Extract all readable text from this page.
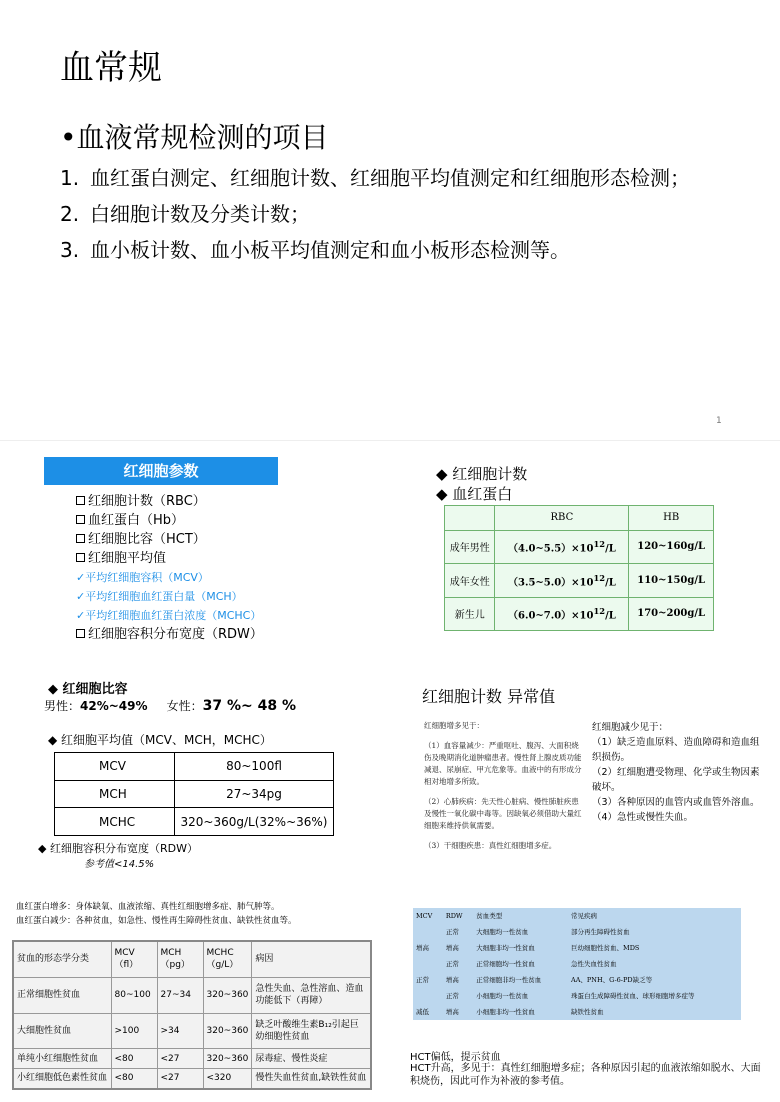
血常规
•血液常规检测的项目
1. 血红蛋白测定、红细胞计数、红细胞平均值测定和红细胞形态检测；
2. 白细胞计数及分类计数；
3. 血小板计数、血小板平均值测定和血小板形态检测等。
1
红细胞参数
红细胞计数（RBC）
血红蛋白（Hb）
红细胞比容（HCT）
红细胞平均值
✓平均红细胞容积（MCV）
✓平均红细胞血红蛋白量（MCH）
✓平均红细胞血红蛋白浓度（MCHC）
红细胞容积分布宽度（RDW）
◆ 红细胞计数
◆ 血红蛋白
	RBC	HB
成年男性	$(4.0\sim 5.5)\times 10^{12}/L$	120~160g/L
成年女性	$(3.5\sim 5.0)\times 10^{12}/L$	110~150g/L
新生儿	$(6.0\sim 7.0)\times 10^{12}/L$	170~200g/L
◆ 红细胞比容
男性：42%~49% 女性：37 %~ 48 %
◆ 红细胞平均值（MCV、MCH，MCHC）
MCV	80~100fl
MCH	27~34pg
MCHC	320~360g/L(32%~36%)
◆ 红细胞容积分布宽度（RDW）
参考值<14.5%
红细胞计数 异常值
红细胞增多见于：
（1）血容量减少：严重呕吐、腹泻、大面积烧伤及晚期消化道肿瘤患者。慢性肾上腺皮质功能减退、尿崩症、甲亢危象等。血液中的有形成分相对地增多所致。
（2）心肺疾病：先天性心脏病、慢性肺脏疾患及慢性一氧化碳中毒等。因缺氧必须借助大量红细胞来维持供氧需要。
（3）干细胞疾患：真性红细胞增多症。
红细胞减少见于：
（1）缺乏造血原料、造血障碍和造血组织损伤。
（2）红细胞遭受物理、化学或生物因素破坏。
（3）各种原因的血管内或血管外溶血。
（4）急性或慢性失血。
血红蛋白增多：身体缺氧、血液浓缩、真性红细胞增多症、肺气肿等。
血红蛋白减少：各种贫血，如急性、慢性再生障碍性贫血、缺铁性贫血等。
贫血的形态学分类	MCV（fl）	MCH（pg）	MCHC（g/L）	病因
正常细胞性贫血	80~100	27~34	320~360	急性失血、急性溶血、造血功能低下（再障）
大细胞性贫血	>100	>34	320~360	缺乏叶酸维生素B₁₂引起巨幼细胞性贫血
单纯小红细胞性贫血	<80	<27	320~360	尿毒症、慢性炎症
小红细胞低色素性贫血	<80	<27	<320	慢性失血性贫血,缺铁性贫血
MCV	RDW	贫血类型	常见疾病
	正常	大细胞均一性贫血	部分再生障碍性贫血
增高	增高	大细胞非均一性贫血	巨幼细胞性贫血、MDS
	正常	正常细胞均一性贫血	急性失血性贫血
正常	增高	正常细胞非均一性贫血	AA、PNH、G-6-PD缺乏等
	正常	小细胞均一性贫血	珠蛋白生成障碍性贫血、球形细胞增多症等
减低	增高	小细胞非均一性贫血	缺铁性贫血
HCT偏低，提示贫血
HCT升高，多见于：真性红细胞增多症；各种原因引起的血液浓缩如脱水、大面积烧伤，因此可作为补液的参考值。
